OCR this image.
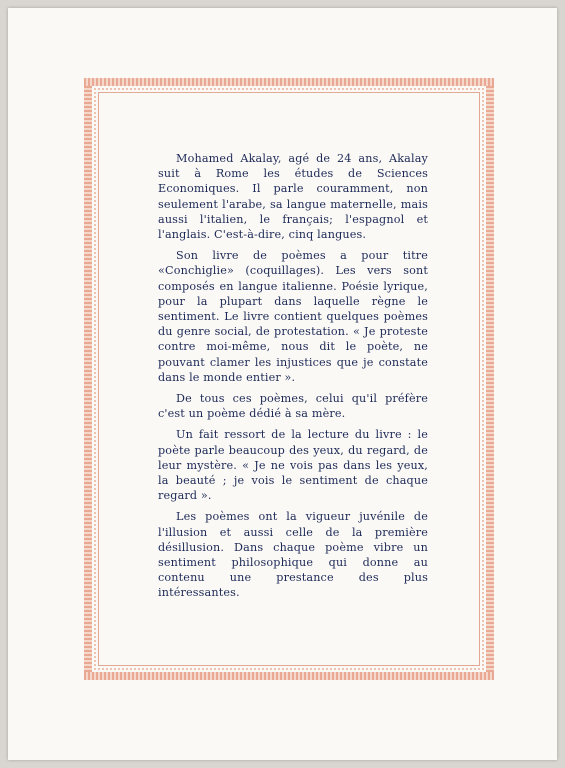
Mohamed Akalay, agé de 24 ans, Akalay suit à Rome les études de Sciences Economiques. Il parle couramment, non seulement l'arabe, sa langue maternelle, mais aussi l'italien, le français; l'espagnol et l'anglais. C'est-à-dire, cinq langues.

Son livre de poèmes a pour titre «Conchiglie» (coquillages). Les vers sont composés en langue italienne. Poésie lyrique, pour la plupart dans laquelle règne le sentiment. Le livre contient quelques poèmes du genre social, de protestation. « Je proteste contre moi-même, nous dit le poète, ne pouvant clamer les injustices que je constate dans le monde entier ».

De tous ces poèmes, celui qu'il préfère c'est un poème dédié à sa mère.

Un fait ressort de la lecture du livre : le poète parle beaucoup des yeux, du regard, de leur mystère. « Je ne vois pas dans les yeux, la beauté ; je vois le sentiment de chaque regard ».

Les poèmes ont la vigueur juvénile de l'illusion et aussi celle de la première désillusion. Dans chaque poème vibre un sentiment philosophique qui donne au contenu une prestance des plus intéressantes.
